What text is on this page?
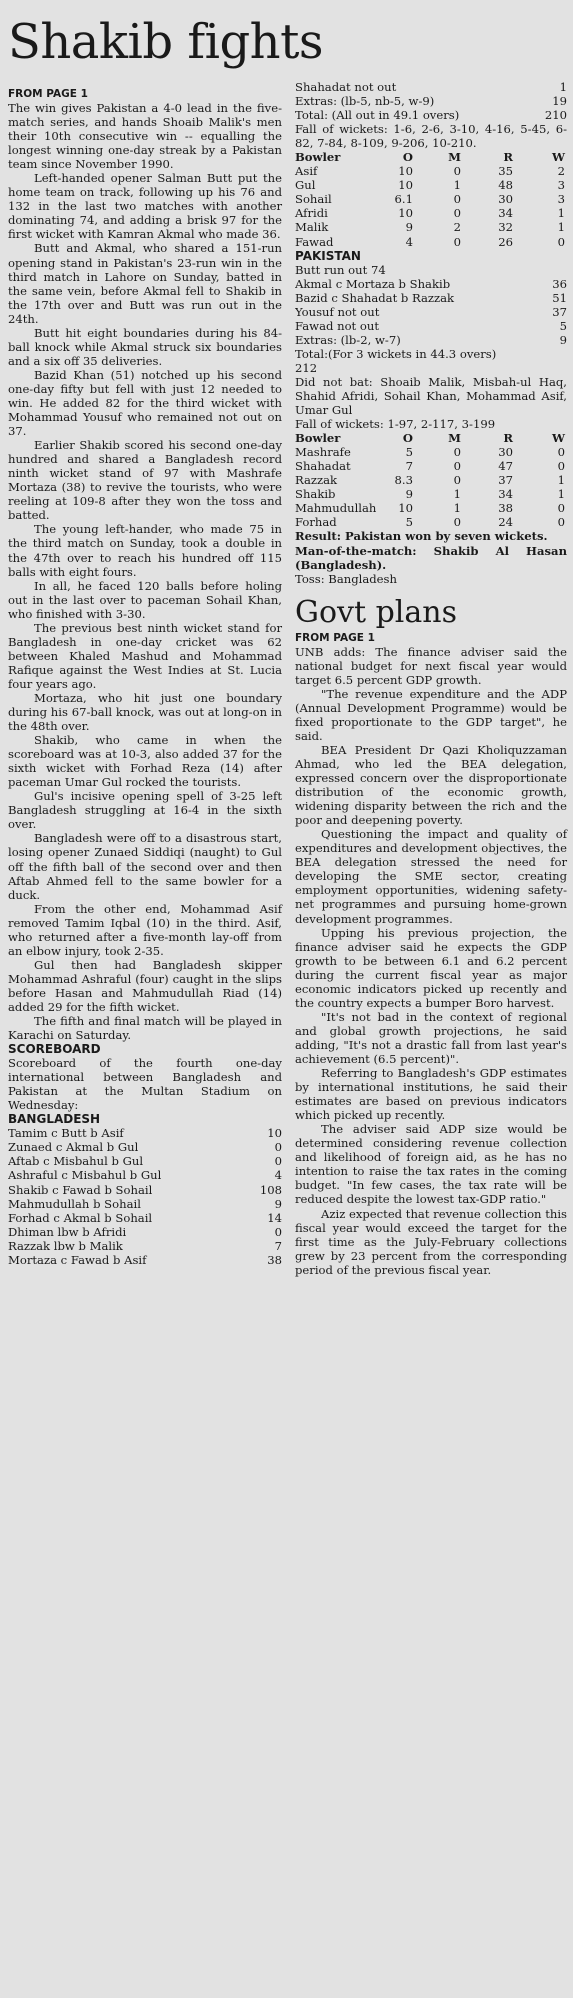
Shakib fights
FROM PAGE 1

The win gives Pakistan a 4-0 lead in the five-match series, and hands Shoaib Malik's men their 10th consecutive win -- equalling the longest winning one-day streak by a Pakistan team since November 1990.

Left-handed opener Salman Butt put the home team on track, following up his 76 and 132 in the last two matches with another dominating 74, and adding a brisk 97 for the first wicket with Kamran Akmal who made 36.

Butt and Akmal, who shared a 151-run opening stand in Pakistan's 23-run win in the third match in Lahore on Sunday, batted in the same vein, before Akmal fell to Shakib in the 17th over and Butt was run out in the 24th.

Butt hit eight boundaries during his 84-ball knock while Akmal struck six boundaries and a six off 35 deliveries.

Bazid Khan (51) notched up his second one-day fifty but fell with just 12 needed to win. He added 82 for the third wicket with Mohammad Yousuf who remained not out on 37.

Earlier Shakib scored his second one-day hundred and shared a Bangladesh record ninth wicket stand of 97 with Mashrafe Mortaza (38) to revive the tourists, who were reeling at 109-8 after they won the toss and batted.

The young left-hander, who made 75 in the third match on Sunday, took a double in the 47th over to reach his hundred off 115 balls with eight fours.

In all, he faced 120 balls before holing out in the last over to paceman Sohail Khan, who finished with 3-30.

The previous best ninth wicket stand for Bangladesh in one-day cricket was 62 between Khaled Mashud and Mohammad Rafique against the West Indies at St. Lucia four years ago.

Mortaza, who hit just one boundary during his 67-ball knock, was out at long-on in the 48th over.

Shakib, who came in when the scoreboard was at 10-3, also added 37 for the sixth wicket with Forhad Reza (14) after paceman Umar Gul rocked the tourists.

Gul's incisive opening spell of 3-25 left Bangladesh struggling at 16-4 in the sixth over.

Bangladesh were off to a disastrous start, losing opener Zunaed Siddiqi (naught) to Gul off the fifth ball of the second over and then Aftab Ahmed fell to the same bowler for a duck.

From the other end, Mohammad Asif removed Tamim Iqbal (10) in the third. Asif, who returned after a five-month lay-off from an elbow injury, took 2-35.

Gul then had Bangladesh skipper Mohammad Ashraful (four) caught in the slips before Hasan and Mahmudullah Riad (14) added 29 for the fifth wicket.

The fifth and final match will be played in Karachi on Saturday.

SCOREBOARD

Scoreboard of the fourth one-day international between Bangladesh and Pakistan at the Multan Stadium on Wednesday:

BANGLADESH
Tamim c Butt b Asif	10
Zunaed c Akmal b Gul	0
Aftab c Misbahul b Gul	0
Ashraful c Misbahul b Gul	4
Shakib c Fawad b Sohail	108
Mahmudullah b Sohail	9
Forhad c Akmal b Sohail	14
Dhiman lbw b Afridi	0
Razzak lbw b Malik	7
Mortaza c Fawad b Asif	38
Shahadat not out	1
Extras: (lb-5, nb-5, w-9)	19
Total: (All out in 49.1 overs)	210

Fall of wickets: 1-6, 2-6, 3-10, 4-16, 5-45, 6-82, 7-84, 8-109, 9-206, 10-210.

Bowler	O	M	R	W
Asif	10	0	35	2
Gul	10	1	48	3
Sohail	6.1	0	30	3
Afridi	10	0	34	1
Malik	9	2	32	1
Fawad	4	0	26	0
PAKISTAN
Butt run out 74
Akmal c Mortaza b Shakib	36
Bazid c Shahadat b Razzak	51
Yousuf not out	37
Fawad not out	5
Extras: (lb-2, w-7)	9
Total:(For 3 wickets in 44.3 overs)
212

Did not bat: Shoaib Malik, Misbah-ul Haq, Shahid Afridi, Sohail Khan, Mohammad Asif, Umar Gul

Fall of wickets: 1-97, 2-117, 3-199

Bowler	O	M	R	W
Mashrafe	5	0	30	0
Shahadat	7	0	47	0
Razzak	8.3	0	37	1
Shakib	9	1	34	1
Mahmudullah	10	1	38	0
Forhad	5	0	24	0

Result: Pakistan won by seven wickets.

Man-of-the-match: Shakib Al Hasan (Bangladesh).

Toss: Bangladesh

Govt plans
FROM PAGE 1

UNB adds: The finance adviser said the national budget for next fiscal year would target 6.5 percent GDP growth.

"The revenue expenditure and the ADP (Annual Development Programme) would be fixed proportionate to the GDP target", he said.

BEA President Dr Qazi Kholiquzzaman Ahmad, who led the BEA delegation, expressed concern over the disproportionate distribution of the economic growth, widening disparity between the rich and the poor and deepening poverty.

Questioning the impact and quality of expenditures and development objectives, the BEA delegation stressed the need for developing the SME sector, creating employment opportunities, widening safety-net programmes and pursuing home-grown development programmes.

Upping his previous projection, the finance adviser said he expects the GDP growth to be between 6.1 and 6.2 percent during the current fiscal year as major economic indicators picked up recently and the country expects a bumper Boro harvest.

"It's not bad in the context of regional and global growth projections, he said adding, "It's not a drastic fall from last year's achievement (6.5 percent)".

Referring to Bangladesh's GDP estimates by international institutions, he said their estimates are based on previous indicators which picked up recently.

The adviser said ADP size would be determined considering revenue collection and likelihood of foreign aid, as he has no intention to raise the tax rates in the coming budget. "In few cases, the tax rate will be reduced despite the lowest tax-GDP ratio."

Aziz expected that revenue collection this fiscal year would exceed the target for the first time as the July-February collections grew by 23 percent from the corresponding period of the previous fiscal year.
